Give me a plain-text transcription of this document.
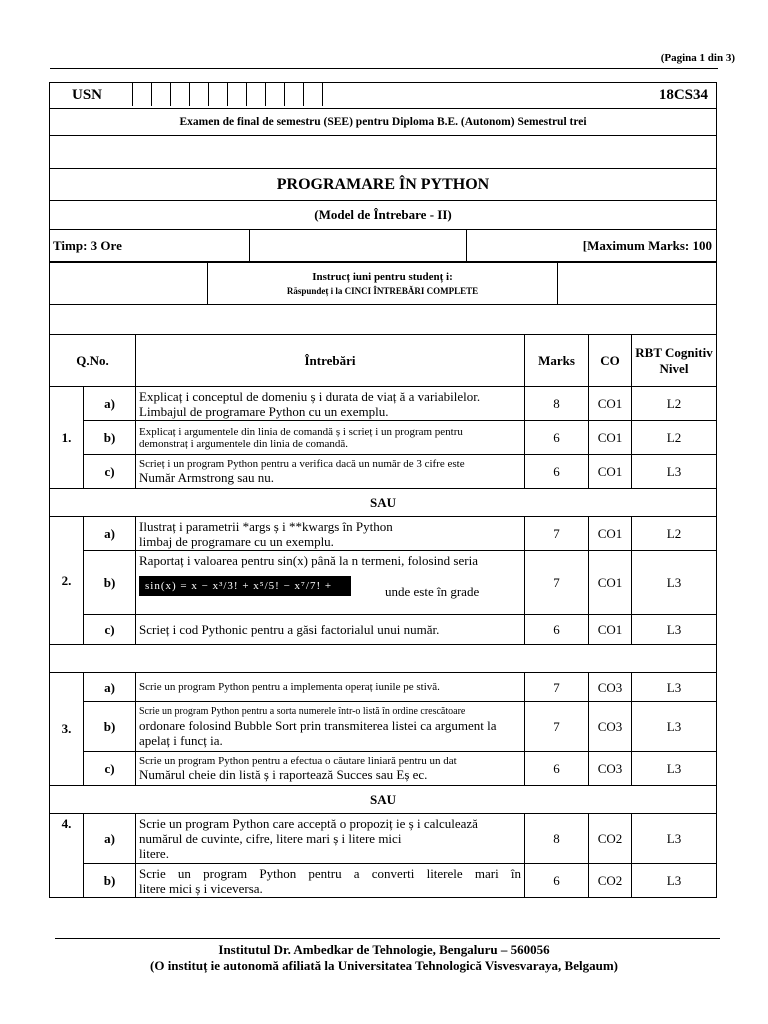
(Pagina 1 din 3)
USN	18CS34

Examen de final de semestru (SEE) pentru Diploma B.E. (Autonom) Semestrul trei

PROGRAMARE ÎN PYTHON
(Model de Întrebare - II)
Timp: 3 Ore		[Maximum Marks: 100

Instrucț iuni pentru studenț i:
Răspundeț i la CINCI ÎNTREBĂRI COMPLETE

Q.No.		Întrebări	Marks	CO	RBT Cognitiv Nivel
1.	a)	Explicaț i conceptul de domeniu ș i durata de viaț ă a variabilelor.
Limbajul de programare Python cu un exemplu.	8	CO1	L2
	b)	Explicaț i argumentele din linia de comandă ș i scrieț i un program pentru
demonstraț i argumentele din linia de comandă.	6	CO1	L2
	c)	Scrieț i un program Python pentru a verifica dacă un număr de 3 cifre este
Număr Armstrong sau nu.	6	CO1	L3
SAU					
2.	a)	Ilustraț i parametrii *args ș i **kwargs în Python
limbaj de programare cu un exemplu.	7	CO1	L2
	b)	Raportaț i valoarea pentru sin(x) până la n termeni, folosind seria
sin(x) = x − x³/3! + x⁵/5! − x⁷/7! + …
unde este în grade	7	CO1	L3
	c)	Scrieț i cod Pythonic pentru a găsi factorialul unui număr.	6	CO1	L3

3.	a)	Scrie un program Python pentru a implementa operaț iunile pe stivă.	7	CO3	L3
	b)	Scrie un program Python pentru a sorta numerele într-o listă în ordine crescătoare
ordonare folosind Bubble Sort prin transmiterea listei ca argument la
apelaț i funcț ia.	7	CO3	L3
	c)	Scrie un program Python pentru a efectua o căutare liniară pentru un dat
Numărul cheie din listă ș i raportează Succes sau Eș ec.	6	CO3	L3
SAU					
4.	a)	Scrie un program Python care acceptă o propoziț ie ș i calculează
numărul de cuvinte, cifre, litere mari ș i litere mici
litere.	8	CO2	L3
	b)	Scrie un program Python pentru a converti literele mari în
litere mici ș i viceversa.	6	CO2	L3
Institutul Dr. Ambedkar de Tehnologie, Bengaluru – 560056
(O instituț ie autonomă afiliată la Universitatea Tehnologică Visvesvaraya, Belgaum)
